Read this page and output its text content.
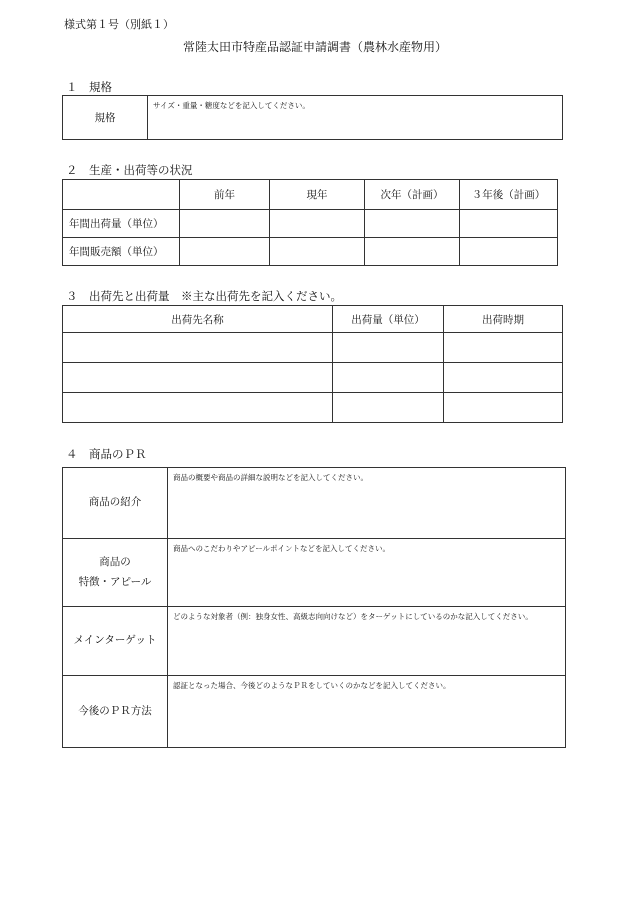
様式第１号（別紙１）
常陸太田市特産品認証申請調書（農林水産物用）
１　規格
規格	サイズ・重量・糖度などを記入してください。
２　生産・出荷等の状況
	前年	現年	次年（計画）	３年後（計画）
年間出荷量（単位）				
年間販売額（単位）				
３　出荷先と出荷量　※主な出荷先を記入ください。
出荷先名称	出荷量（単位）	出荷時期

４　商品のＰＲ
商品の紹介	商品の概要や商品の詳細な説明などを記入してください。

商品の
特徴・アピール	商品へのこだわりやアピールポイントなどを記入してください。

メインターゲット	どのような対象者（例：独身女性、高級志向向けなど）をターゲットにしているのかな記入してください。

今後のＰＲ方法	認証となった場合、今後どのようなＰＲをしていくのかなどを記入してください。
